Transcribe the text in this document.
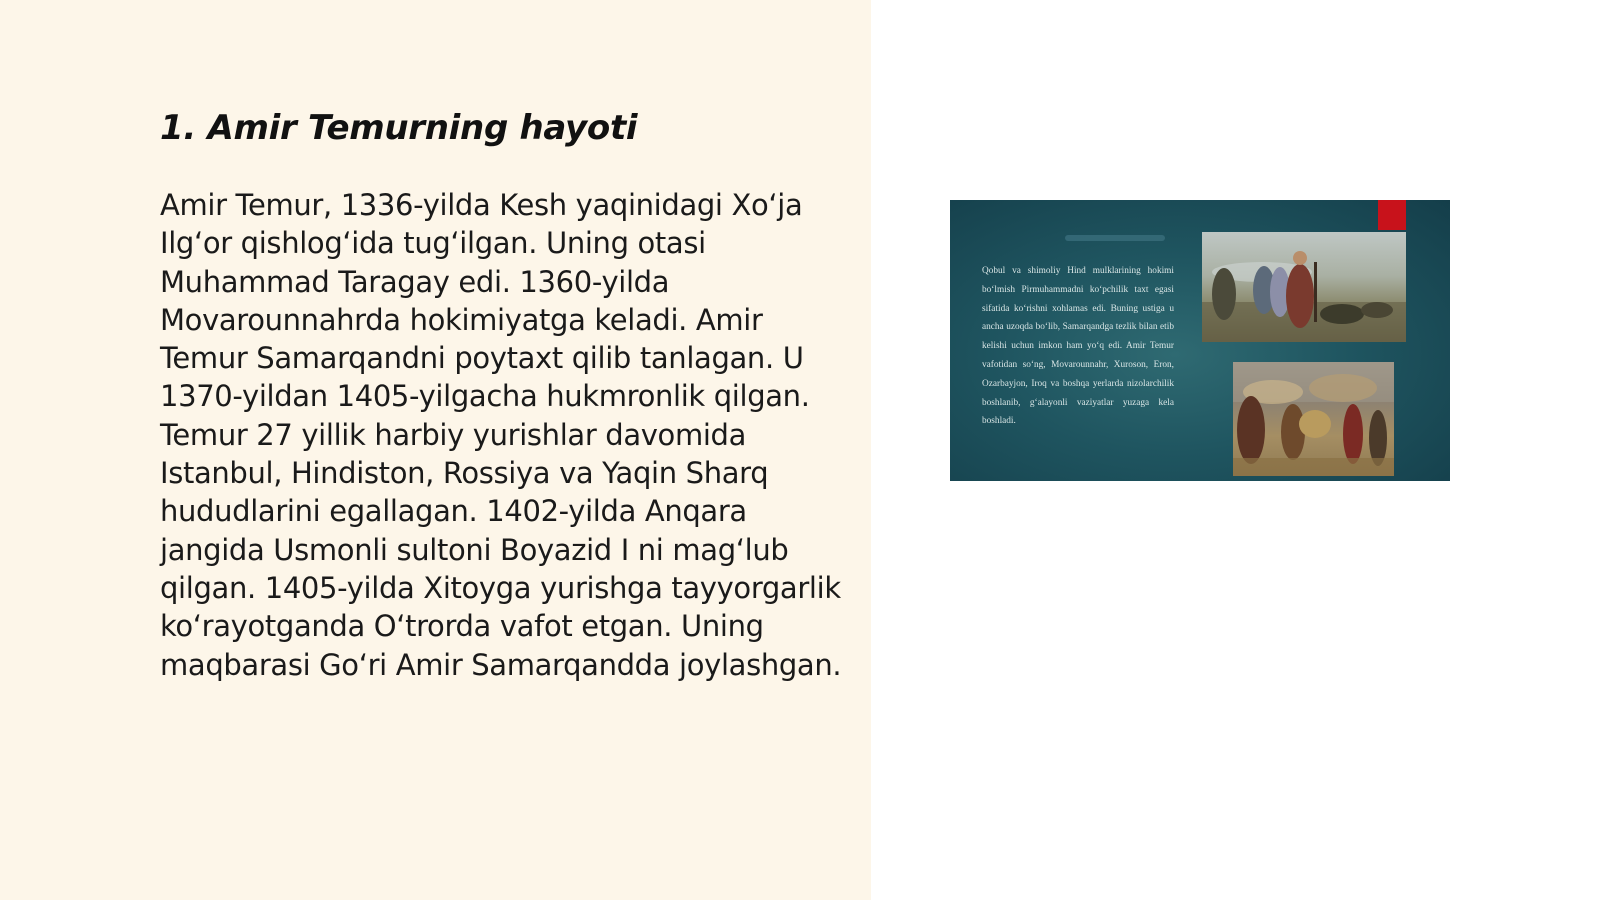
1. Amir Temurning hayoti

Amir Temur, 1336-yilda Kesh yaqinidagi Xo‘ja Ilg‘or qishlog‘ida tug‘ilgan. Uning otasi Muhammad Taragay edi. 1360-yilda Movarounnahrda hokimiyatga keladi. Amir Temur Samarqandni poytaxt qilib tanlagan. U 1370-yildan 1405-yilgacha hukmronlik qilgan. Temur 27 yillik harbiy yurishlar davomida Istanbul, Hindiston, Rossiya va Yaqin Sharq hududlarini egallagan. 1402-yilda Anqara jangida Usmonli sultoni Boyazid I ni mag‘lub qilgan. 1405-yilda Xitoyga yurishga tayyorgarlik ko‘rayotganda O‘trorda vafot etgan. Uning maqbarasi Go‘ri Amir Samarqandda joylashgan.

Qobul va shimoliy Hind mulklarining hokimi bo‘lmish Pirmuhammadni ko‘pchilik taxt egasi sifatida ko‘rishni xohlamas edi. Buning ustiga u ancha uzoqda bo‘lib, Samarqandga tezlik bilan etib kelishi uchun imkon ham yo‘q edi. Amir Temur vafotidan so‘ng, Movarounnahr, Xuroson, Eron, Ozarbayjon, Iroq va boshqa yerlarda nizolarchilik boshlanib, g‘alayonli vaziyatlar yuzaga kela boshladi.
